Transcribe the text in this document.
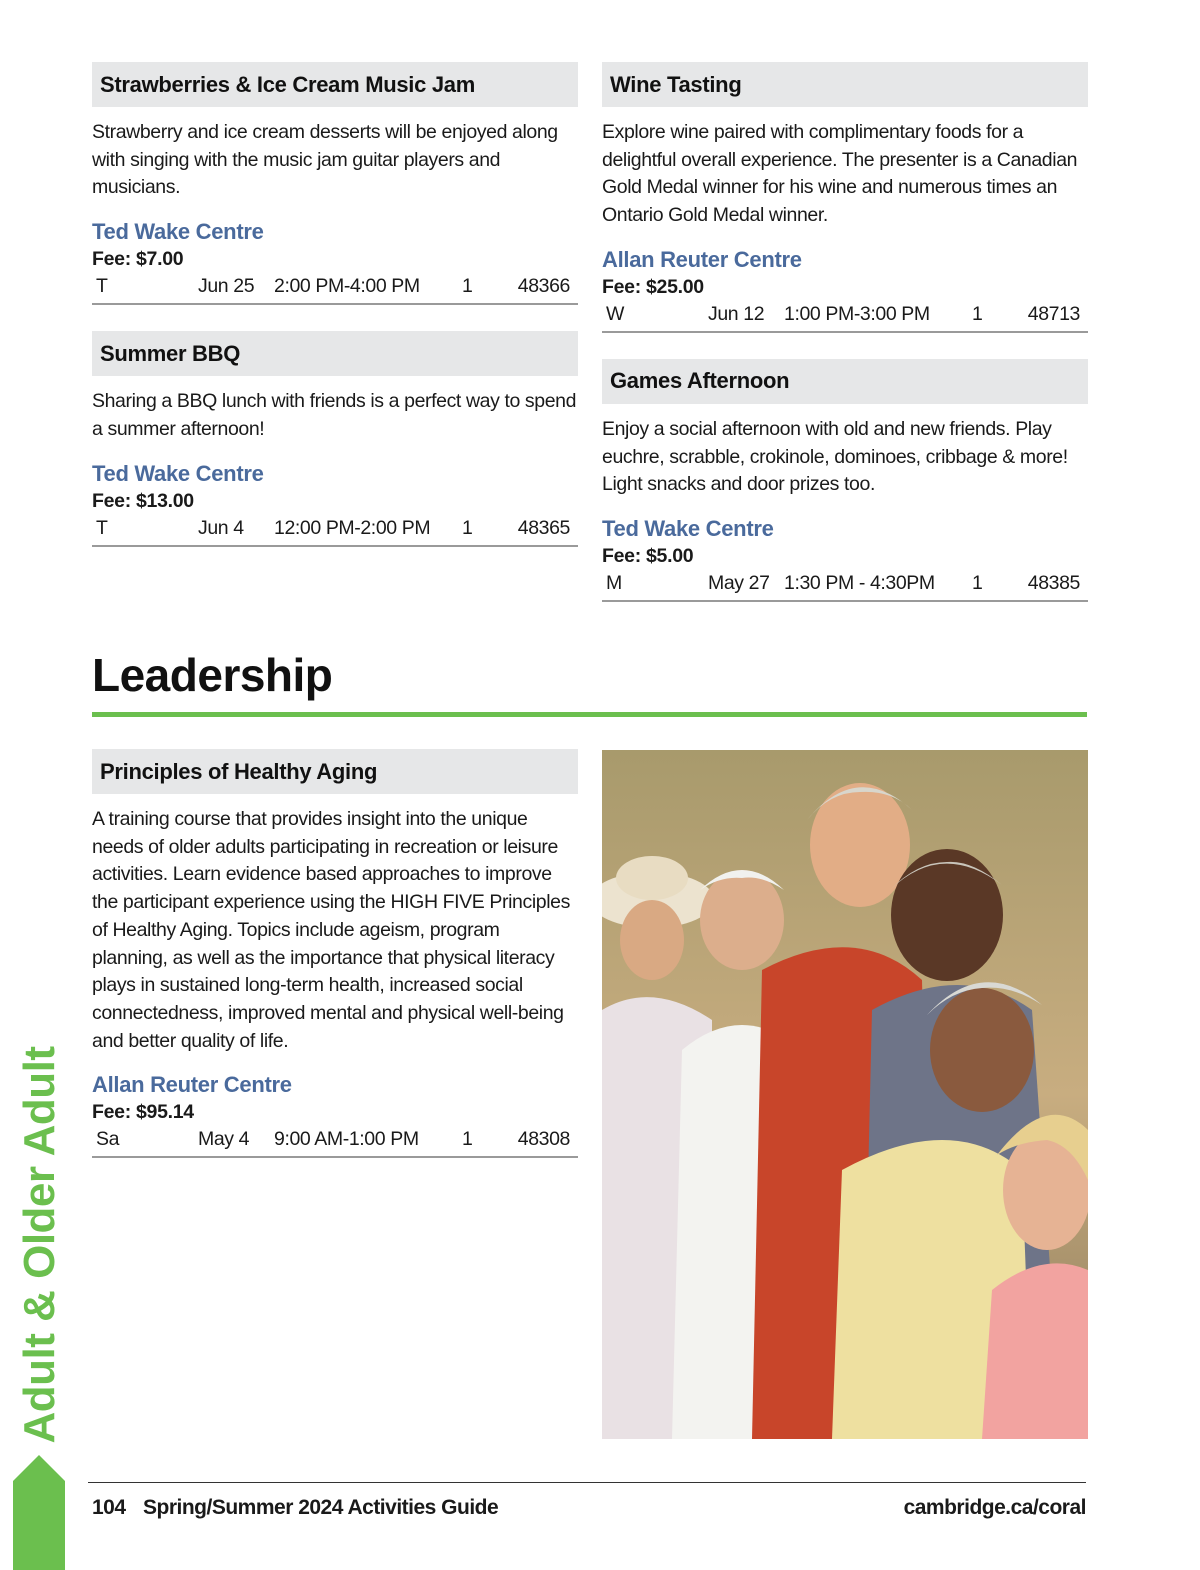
Strawberries & Ice Cream Music Jam

Strawberry and ice cream desserts will be enjoyed along with singing with the music jam guitar players and musicians.

Ted Wake Centre
Fee: $7.00
T	Jun 25 2:00 PM-4:00 PM 1 48366
Summer BBQ

Sharing a BBQ lunch with friends is a perfect way to spend a summer afternoon!

Ted Wake Centre
Fee: $13.00
T	Jun 4 12:00 PM-2:00 PM 1 48365
Wine Tasting

Explore wine paired with complimentary foods for a delightful overall experience. The presenter is a Canadian Gold Medal winner for his wine and numerous times an Ontario Gold Medal winner.

Allan Reuter Centre
Fee: $25.00
W	Jun 12 1:00 PM-3:00 PM 1 48713
Games Afternoon

Enjoy a social afternoon with old and new friends. Play euchre, scrabble, crokinole, dominoes, cribbage & more! Light snacks and door prizes too.

Ted Wake Centre
Fee: $5.00
M	May 27 1:30 PM - 4:30PM 1 48385
Leadership
Principles of Healthy Aging

A training course that provides insight into the unique needs of older adults participating in recreation or leisure activities. Learn evidence based approaches to improve the participant experience using the HIGH FIVE Principles of Healthy Aging. Topics include ageism, program planning, as well as the importance that physical literacy plays in sustained long-term health, increased social connectedness, improved mental and physical well-being and better quality of life.

Allan Reuter Centre
Fee: $95.14
Sa	May 4 9:00 AM-1:00 PM 1 48308
Adult & Older Adult
104 Spring/Summer 2024 Activities Guide	cambridge.ca/coral
